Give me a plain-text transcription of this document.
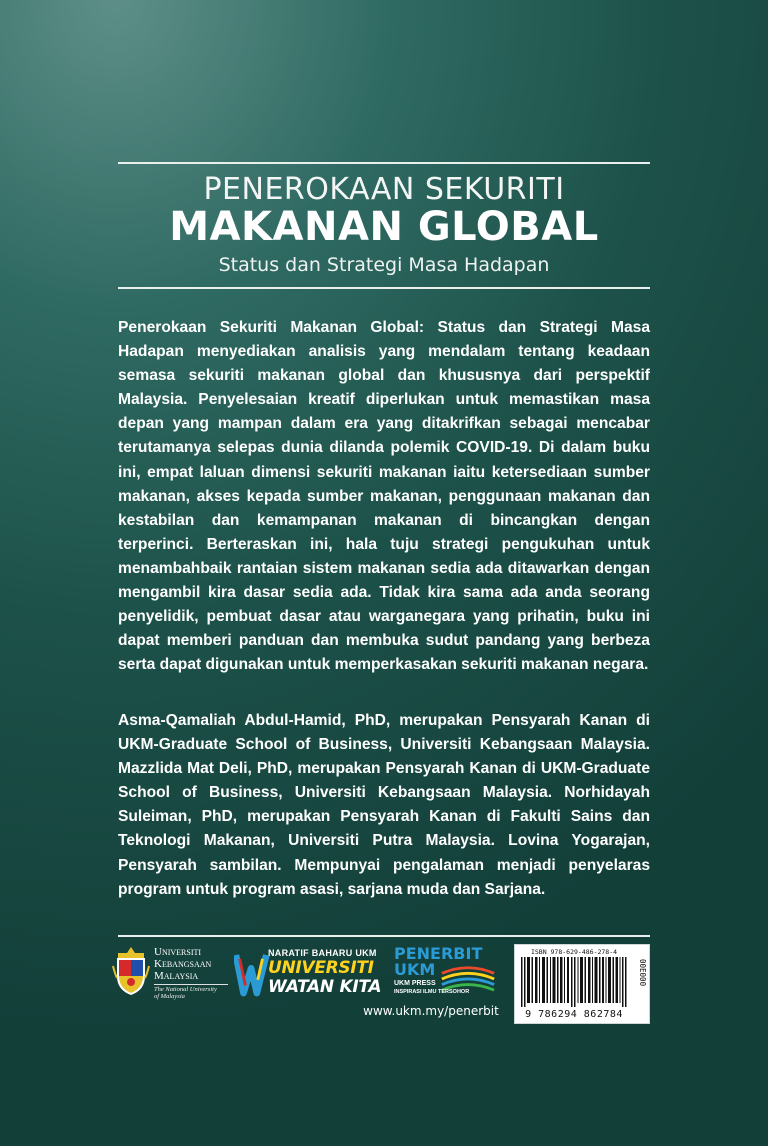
PENEROKAAN SEKURITI
MAKANAN GLOBAL
Status dan Strategi Masa Hadapan
Penerokaan Sekuriti Makanan Global: Status dan Strategi Masa Hadapan menyediakan analisis yang mendalam tentang keadaan semasa sekuriti makanan global dan khususnya dari perspektif Malaysia. Penyelesaian kreatif diperlukan untuk memastikan masa depan yang mampan dalam era yang ditakrifkan sebagai mencabar terutamanya selepas dunia dilanda polemik COVID-19. Di dalam buku ini, empat laluan dimensi sekuriti makanan iaitu ketersediaan sumber makanan, akses kepada sumber makanan, penggunaan makanan dan kestabilan dan kemampanan makanan di bincangkan dengan terperinci. Berteraskan ini, hala tuju strategi pengukuhan untuk menambahbaik rantaian sistem makanan sedia ada ditawarkan dengan mengambil kira dasar sedia ada. Tidak kira sama ada anda seorang penyelidik, pembuat dasar atau warganegara yang prihatin, buku ini dapat memberi panduan dan membuka sudut pandang yang berbeza serta dapat digunakan untuk memperkasakan sekuriti makanan negara.
Asma-Qamaliah Abdul-Hamid, PhD, merupakan Pensyarah Kanan di UKM-Graduate School of Business, Universiti Kebangsaan Malaysia. Mazzlida Mat Deli, PhD, merupakan Pensyarah Kanan di UKM-Graduate School of Business, Universiti Kebangsaan Malaysia. Norhidayah Suleiman, PhD, merupakan Pensyarah Kanan di Fakulti Sains dan Teknologi Makanan, Universiti Putra Malaysia. Lovina Yogarajan, Pensyarah sambilan. Mempunyai pengalaman menjadi penyelaras program untuk program asasi, sarjana muda dan Sarjana.
Universiti
Kebangsaan
Malaysia
The National University
of Malaysia
NARATIF BAHARU UKM
UNIVERSITI
WATAN KITA
PENERBIT
UKM
UKM PRESS
INSPIRASI ILMU TERSOHOR
ISBN 978-629-486-278-4
9 786294 862784
00E000
www.ukm.my/penerbit
